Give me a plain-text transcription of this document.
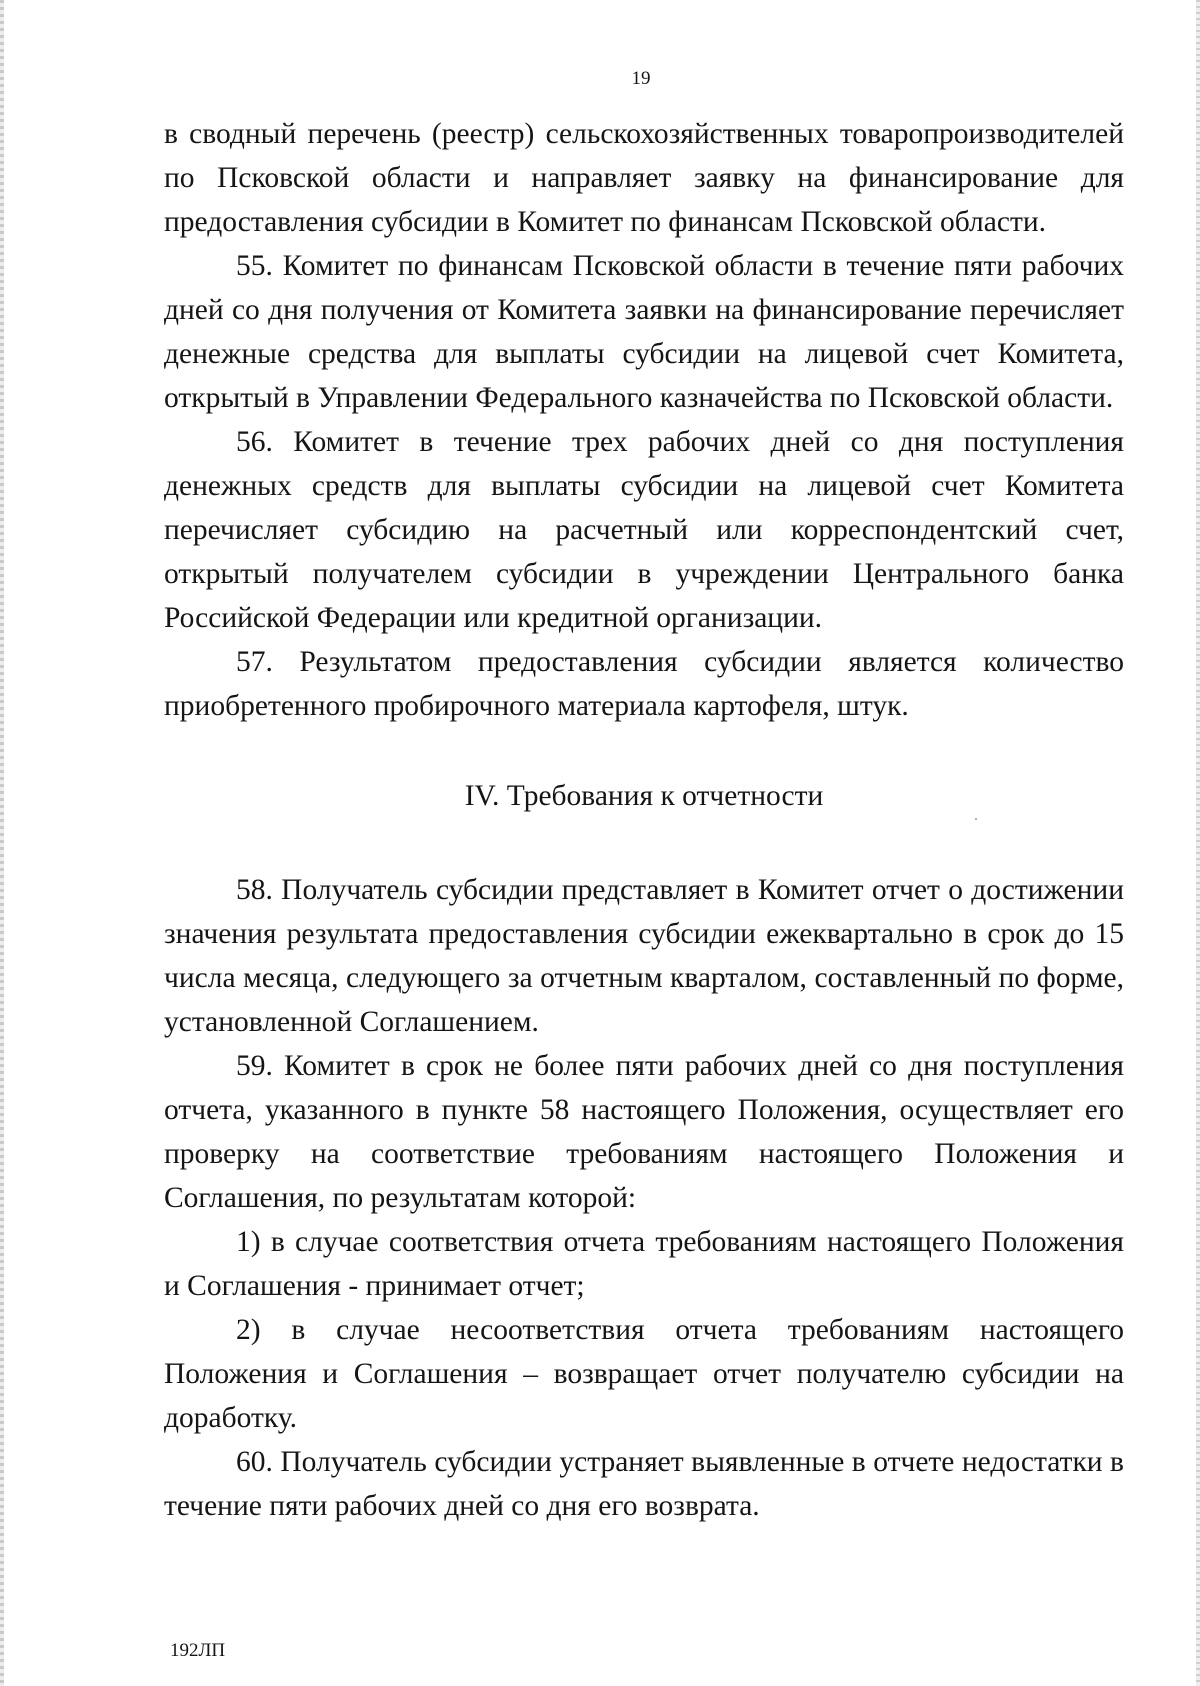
19

в сводный перечень (реестр) сельскохозяйственных товаропроизводителей по Псковской области и направляет заявку на финансирование для предоставления субсидии в Комитет по финансам Псковской области.

55. Комитет по финансам Псковской области в течение пяти рабочих дней со дня получения от Комитета заявки на финансирование перечисляет денежные средства для выплаты субсидии на лицевой счет Комитета, открытый в Управлении Федерального казначейства по Псковской области.

56. Комитет в течение трех рабочих дней со дня поступления денежных средств для выплаты субсидии на лицевой счет Комитета перечисляет субсидию на расчетный или корреспондентский счет, открытый получателем субсидии в учреждении Центрального банка Российской Федерации или кредитной организации.

57. Результатом предоставления субсидии является количество приобретенного пробирочного материала картофеля, штук.

IV. Требования к отчетности

58. Получатель субсидии представляет в Комитет отчет о достижении значения результата предоставления субсидии ежеквартально в срок до 15 числа месяца, следующего за отчетным кварталом, составленный по форме, установленной Соглашением.

59. Комитет в срок не более пяти рабочих дней со дня поступления отчета, указанного в пункте 58 настоящего Положения, осуществляет его проверку на соответствие требованиям настоящего Положения и Соглашения, по результатам которой:

1) в случае соответствия отчета требованиям настоящего Положения и Соглашения - принимает отчет;

2) в случае несоответствия отчета требованиям настоящего Положения и Соглашения – возвращает отчет получателю субсидии на доработку.

60. Получатель субсидии устраняет выявленные в отчете недостатки в течение пяти рабочих дней со дня его возврата.

192ЛП
